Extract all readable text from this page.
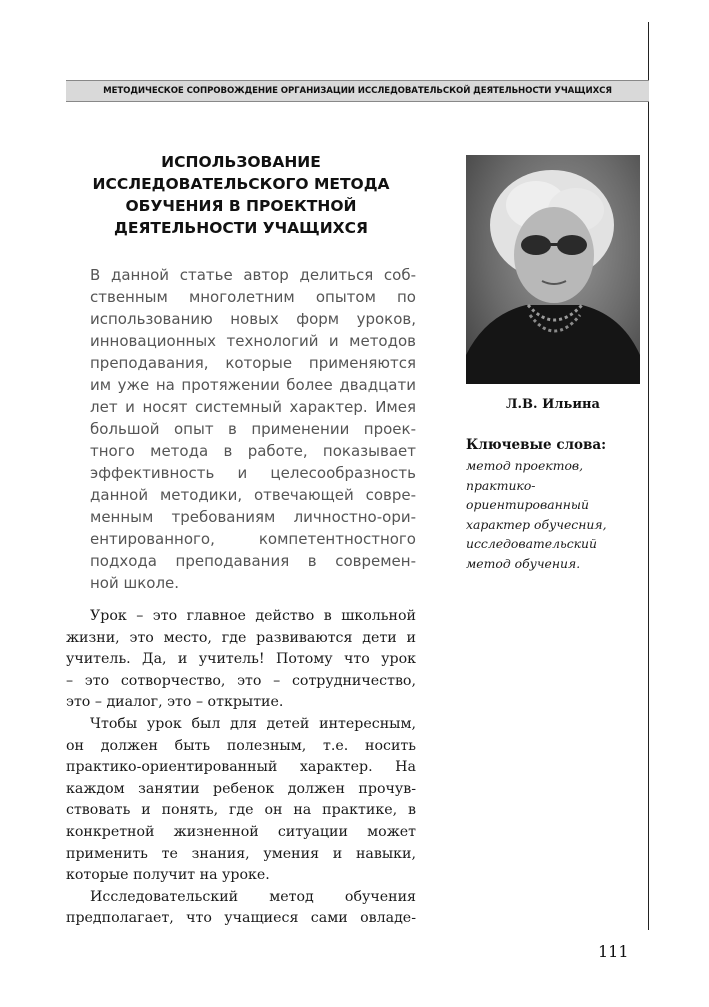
МЕТОДИЧЕСКОЕ СОПРОВОЖДЕНИЕ ОРГАНИЗАЦИИ ИССЛЕДОВАТЕЛЬСКОЙ ДЕЯТЕЛЬНОСТИ УЧАЩИХСЯ
ИСПОЛЬЗОВАНИЕ
ИССЛЕДОВАТЕЛЬСКОГО МЕТОДА
ОБУЧЕНИЯ В ПРОЕКТНОЙ
ДЕЯТЕЛЬНОСТИ УЧАЩИХСЯ
В данной статье автор делиться соб-
ственным многолетним опытом по
использованию новых форм уроков,
инновационных технологий и методов
преподавания, которые применяются
им уже на протяжении более двадцати
лет и носят системный характер. Имея
большой опыт в применении проек-
тного метода в работе, показывает
эффективность и целесообразность
данной методики, отвечающей совре-
менным требованиям личностно-ори-
ентированного, компетентностного
подхода преподавания в современ-
ной школе.
Урок – это главное действо в школьной
жизни, это место, где развиваются дети и
учитель. Да, и учитель! Потому что урок
– это сотворчество, это – сотрудничество,
это – диалог, это – открытие.
Чтобы урок был для детей интересным,
он должен быть полезным, т.е. носить
практико-ориентированный характер. На
каждом занятии ребенок должен прочув-
ствовать и понять, где он на практике, в
конкретной жизненной ситуации может
применить те знания, умения и навыки,
которые получит на уроке.
Исследовательский метод обучения
предполагает, что учащиеся сами овладе-
Л.В. Ильина
Ключевые слова:
метод проектов,
практико-
ориентированный
характер обучесния,
исследовательский
метод обучения.
111
